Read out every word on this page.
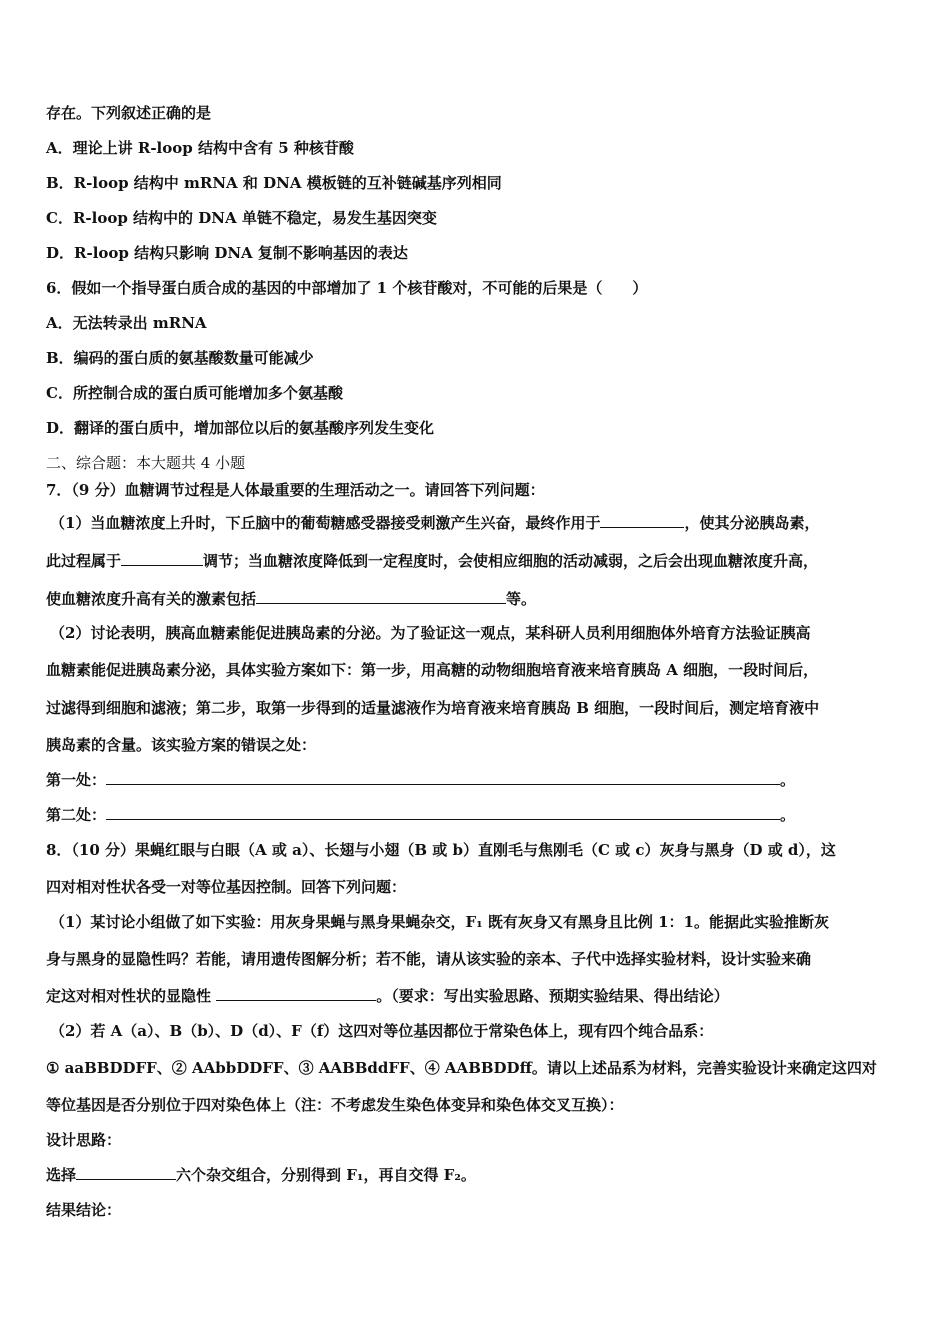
存在。下列叙述正确的是
A．理论上讲 R-loop 结构中含有 5 种核苷酸
B．R-loop 结构中 mRNA 和 DNA 模板链的互补链碱基序列相同
C．R-loop 结构中的 DNA 单链不稳定，易发生基因突变
D．R-loop 结构只影响 DNA 复制不影响基因的表达
6．假如一个指导蛋白质合成的基因的中部增加了 1 个核苷酸对，不可能的后果是（　　）
A．无法转录出 mRNA
B．编码的蛋白质的氨基酸数量可能减少
C．所控制合成的蛋白质可能增加多个氨基酸
D．翻译的蛋白质中，增加部位以后的氨基酸序列发生变化
二、综合题：本大题共 4 小题
7．（9 分）血糖调节过程是人体最重要的生理活动之一。请回答下列问题：
（1）当血糖浓度上升时，下丘脑中的葡萄糖感受器接受刺激产生兴奋，最终作用于	，使其分泌胰岛素，
此过程属于	调节；当血糖浓度降低到一定程度时，会使相应细胞的活动减弱，之后会出现血糖浓度升高，
使血糖浓度升高有关的激素包括	等。
（2）讨论表明，胰高血糖素能促进胰岛素的分泌。为了验证这一观点，某科研人员利用细胞体外培育方法验证胰高
血糖素能促进胰岛素分泌，具体实验方案如下：第一步，用高糖的动物细胞培育液来培育胰岛 A 细胞，一段时间后，
过滤得到细胞和滤液；第二步，取第一步得到的适量滤液作为培育液来培育胰岛 B 细胞，一段时间后，测定培育液中
胰岛素的含量。该实验方案的错误之处：
第一处：	。
第二处：	。
8．（10 分）果蝇红眼与白眼（A 或 a）、长翅与小翅（B 或 b）直刚毛与焦刚毛（C 或 c）灰身与黑身（D 或 d），这
四对相对性状各受一对等位基因控制。回答下列问题：
（1）某讨论小组做了如下实验：用灰身果蝇与黑身果蝇杂交，F₁ 既有灰身又有黑身且比例 1：1。能据此实验推断灰
身与黑身的显隐性吗？若能，请用遗传图解分析；若不能，请从该实验的亲本、子代中选择实验材料，设计实验来确
定这对相对性状的显隐性	。（要求：写出实验思路、预期实验结果、得出结论）
（2）若 A（a）、B（b）、D（d）、F（f）这四对等位基因都位于常染色体上，现有四个纯合品系：
① aaBBDDFF、② AAbbDDFF、③ AABBddFF、④ AABBDDff。请以上述品系为材料，完善实验设计来确定这四对
等位基因是否分别位于四对染色体上（注：不考虑发生染色体变异和染色体交叉互换）：
设计思路：
选择	六个杂交组合，分别得到 F₁，再自交得 F₂。
结果结论：
